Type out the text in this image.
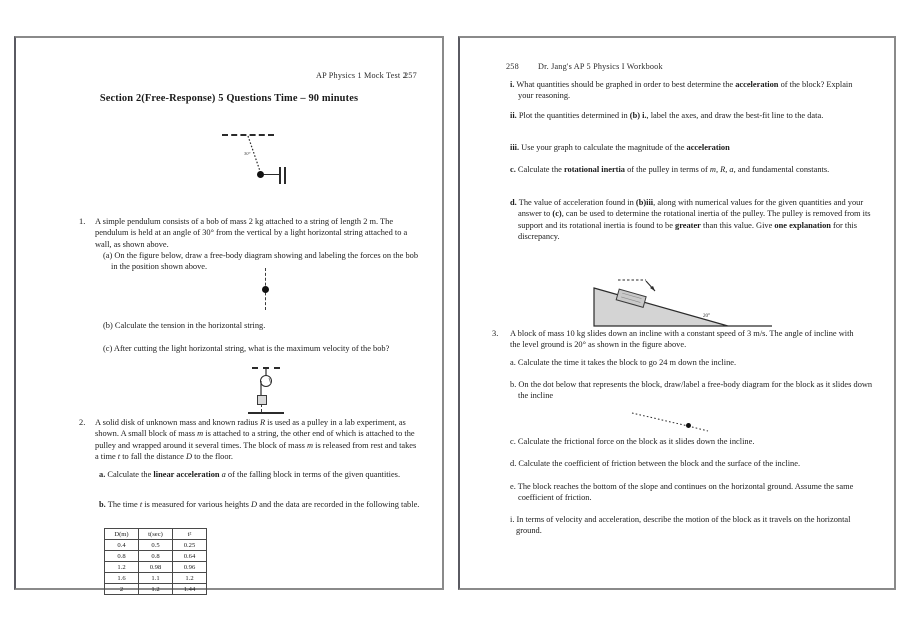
AP Physics 1 Mock Test 2
257
Section 2(Free-Response) 5 Questions Time – 90 minutes
30°
1. A simple pendulum consists of a bob of mass 2 kg attached to a string of length 2 m. The pendulum is held at an angle of 30° from the vertical by a light horizontal string attached to a wall, as shown above.
(a) On the figure below, draw a free-body diagram showing and labeling the forces on the bob in the position shown above.
(b) Calculate the tension in the horizontal string.
(c) After cutting the light horizontal string, what is the maximum velocity of the bob?
2. A solid disk of unknown mass and known radius R is used as a pulley in a lab experiment, as shown. A small block of mass m is attached to a string, the other end of which is attached to the pulley and wrapped around it several times. The block of mass m is released from rest and takes a time t to fall the distance D to the floor.
a. Calculate the linear acceleration a of the falling block in terms of the given quantities.
b. The time t is measured for various heights D and the data are recorded in the following table.
D(m)	t(sec)	t²
0.4	0.5	0.25
0.8	0.8	0.64
1.2	0.98	0.96
1.6	1.1	1.2
2	1.2	1.44
258 Dr. Jang's AP 5 Physics I Workbook
i. What quantities should be graphed in order to best determine the acceleration of the block? Explain your reasoning.
ii. Plot the quantities determined in (b) i., label the axes, and draw the best-fit line to the data.
iii. Use your graph to calculate the magnitude of the acceleration
c. Calculate the rotational inertia of the pulley in terms of m, R, a, and fundamental constants.
d. The value of acceleration found in (b)iii, along with numerical values for the given quantities and your answer to (c), can be used to determine the rotational inertia of the pulley. The pulley is removed from its support and its rotational inertia is found to be greater than this value. Give one explanation for this discrepancy.
20°
3. A block of mass 10 kg slides down an incline with a constant speed of 3 m/s. The angle of incline with the level ground is 20° as shown in the figure above.
a. Calculate the time it takes the block to go 24 m down the incline.
b. On the dot below that represents the block, draw/label a free-body diagram for the block as it slides down the incline
c. Calculate the frictional force on the block as it slides down the incline.
d. Calculate the coefficient of friction between the block and the surface of the incline.
e. The block reaches the bottom of the slope and continues on the horizontal ground. Assume the same coefficient of friction.
i. In terms of velocity and acceleration, describe the motion of the block as it travels on the horizontal ground.
